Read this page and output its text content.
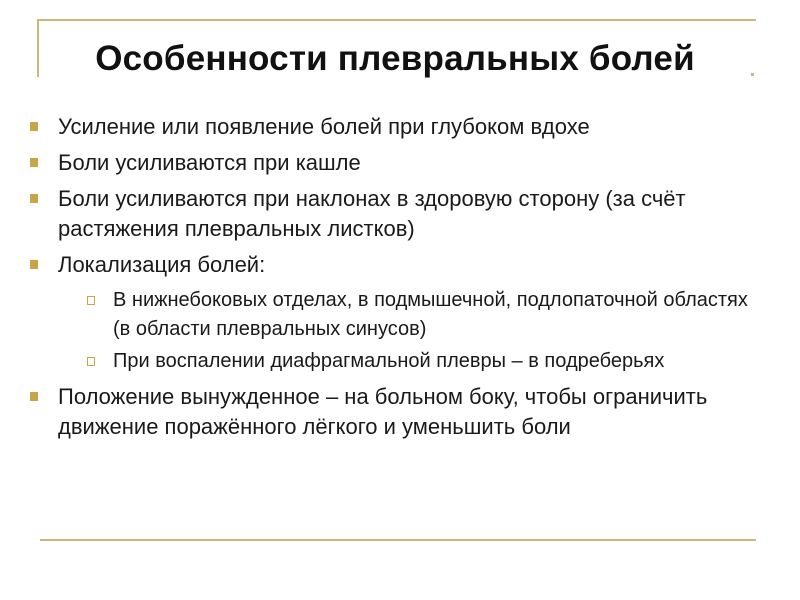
Особенности плевральных болей
Усиление или появление болей при глубоком вдохе
Боли усиливаются при кашле
Боли усиливаются при наклонах в здоровую сторону (за счёт растяжения плевральных листков)
Локализация болей:
В нижнебоковых отделах, в подмышечной, подлопаточной областях (в области плевральных синусов)
При воспалении диафрагмальной плевры – в подреберьях
Положение вынужденное – на больном боку, чтобы ограничить движение поражённого лёгкого и уменьшить боли
